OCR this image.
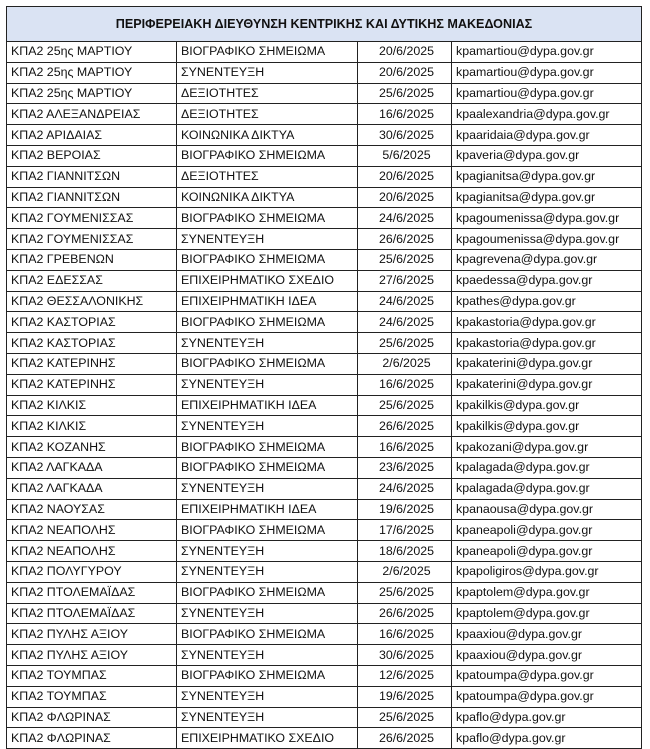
ΠΕΡΙΦΕΡΕΙΑΚΗ ΔΙΕΥΘΥΝΣΗ ΚΕΝΤΡΙΚΗΣ ΚΑΙ ΔΥΤΙΚΗΣ ΜΑΚΕΔΟΝΙΑΣ			
ΚΠΑ2 25ης ΜΑΡΤΙΟΥ	ΒΙΟΓΡΑΦΙΚΟ ΣΗΜΕΙΩΜΑ	20/6/2025	kpamartiou@dypa.gov.gr
ΚΠΑ2 25ης ΜΑΡΤΙΟΥ	ΣΥΝΕΝΤΕΥΞΗ	20/6/2025	kpamartiou@dypa.gov.gr
ΚΠΑ2 25ης ΜΑΡΤΙΟΥ	ΔΕΞΙΟΤΗΤΕΣ	25/6/2025	kpamartiou@dypa.gov.gr
ΚΠΑ2 ΑΛΕΞΑΝΔΡΕΙΑΣ	ΔΕΞΙΟΤΗΤΕΣ	16/6/2025	kpaalexandria@dypa.gov.gr
ΚΠΑ2 ΑΡΙΔΑΙΑΣ	ΚΟΙΝΩΝΙΚΑ ΔΙΚΤΥΑ	30/6/2025	kpaaridaia@dypa.gov.gr
ΚΠΑ2 ΒΕΡΟΙΑΣ	ΒΙΟΓΡΑΦΙΚΟ ΣΗΜΕΙΩΜΑ	5/6/2025	kpaveria@dypa.gov.gr
ΚΠΑ2 ΓΙΑΝΝΙΤΣΩΝ	ΔΕΞΙΟΤΗΤΕΣ	20/6/2025	kpagianitsa@dypa.gov.gr
ΚΠΑ2 ΓΙΑΝΝΙΤΣΩΝ	ΚΟΙΝΩΝΙΚΑ ΔΙΚΤΥΑ	20/6/2025	kpagianitsa@dypa.gov.gr
ΚΠΑ2 ΓΟΥΜΕΝΙΣΣΑΣ	ΒΙΟΓΡΑΦΙΚΟ ΣΗΜΕΙΩΜΑ	24/6/2025	kpagoumenissa@dypa.gov.gr
ΚΠΑ2 ΓΟΥΜΕΝΙΣΣΑΣ	ΣΥΝΕΝΤΕΥΞΗ	26/6/2025	kpagoumenissa@dypa.gov.gr
ΚΠΑ2 ΓΡΕΒΕΝΩΝ	ΒΙΟΓΡΑΦΙΚΟ ΣΗΜΕΙΩΜΑ	25/6/2025	kpagrevena@dypa.gov.gr
ΚΠΑ2 ΕΔΕΣΣΑΣ	ΕΠΙΧΕΙΡΗΜΑΤΙΚΟ ΣΧΕΔΙΟ	27/6/2025	kpaedessa@dypa.gov.gr
ΚΠΑ2 ΘΕΣΣΑΛΟΝΙΚΗΣ	ΕΠΙΧΕΙΡΗΜΑΤΙΚΗ ΙΔΕΑ	24/6/2025	kpathes@dypa.gov.gr
ΚΠΑ2 ΚΑΣΤΟΡΙΑΣ	ΒΙΟΓΡΑΦΙΚΟ ΣΗΜΕΙΩΜΑ	24/6/2025	kpakastoria@dypa.gov.gr
ΚΠΑ2 ΚΑΣΤΟΡΙΑΣ	ΣΥΝΕΝΤΕΥΞΗ	25/6/2025	kpakastoria@dypa.gov.gr
ΚΠΑ2 ΚΑΤΕΡΙΝΗΣ	ΒΙΟΓΡΑΦΙΚΟ ΣΗΜΕΙΩΜΑ	2/6/2025	kpakaterini@dypa.gov.gr
ΚΠΑ2 ΚΑΤΕΡΙΝΗΣ	ΣΥΝΕΝΤΕΥΞΗ	16/6/2025	kpakaterini@dypa.gov.gr
ΚΠΑ2 ΚΙΛΚΙΣ	ΕΠΙΧΕΙΡΗΜΑΤΙΚΗ ΙΔΕΑ	25/6/2025	kpakilkis@dypa.gov.gr
ΚΠΑ2 ΚΙΛΚΙΣ	ΣΥΝΕΝΤΕΥΞΗ	26/6/2025	kpakilkis@dypa.gov.gr
ΚΠΑ2 ΚΟΖΑΝΗΣ	ΒΙΟΓΡΑΦΙΚΟ ΣΗΜΕΙΩΜΑ	16/6/2025	kpakozani@dypa.gov.gr
ΚΠΑ2 ΛΑΓΚΑΔΑ	ΒΙΟΓΡΑΦΙΚΟ ΣΗΜΕΙΩΜΑ	23/6/2025	kpalagada@dypa.gov.gr
ΚΠΑ2 ΛΑΓΚΑΔΑ	ΣΥΝΕΝΤΕΥΞΗ	24/6/2025	kpalagada@dypa.gov.gr
ΚΠΑ2 ΝΑΟΥΣΑΣ	ΕΠΙΧΕΙΡΗΜΑΤΙΚΗ ΙΔΕΑ	19/6/2025	kpanaousa@dypa.gov.gr
ΚΠΑ2 ΝΕΑΠΟΛΗΣ	ΒΙΟΓΡΑΦΙΚΟ ΣΗΜΕΙΩΜΑ	17/6/2025	kpaneapoli@dypa.gov.gr
ΚΠΑ2 ΝΕΑΠΟΛΗΣ	ΣΥΝΕΝΤΕΥΞΗ	18/6/2025	kpaneapoli@dypa.gov.gr
ΚΠΑ2 ΠΟΛΥΓΥΡΟΥ	ΣΥΝΕΝΤΕΥΞΗ	2/6/2025	kpapoligiros@dypa.gov.gr
ΚΠΑ2 ΠΤΟΛΕΜΑΪΔΑΣ	ΒΙΟΓΡΑΦΙΚΟ ΣΗΜΕΙΩΜΑ	25/6/2025	kpaptolem@dypa.gov.gr
ΚΠΑ2 ΠΤΟΛΕΜΑΪΔΑΣ	ΣΥΝΕΝΤΕΥΞΗ	26/6/2025	kpaptolem@dypa.gov.gr
ΚΠΑ2 ΠΥΛΗΣ ΑΞΙΟΥ	ΒΙΟΓΡΑΦΙΚΟ ΣΗΜΕΙΩΜΑ	16/6/2025	kpaaxiou@dypa.gov.gr
ΚΠΑ2 ΠΥΛΗΣ ΑΞΙΟΥ	ΣΥΝΕΝΤΕΥΞΗ	30/6/2025	kpaaxiou@dypa.gov.gr
ΚΠΑ2 ΤΟΥΜΠΑΣ	ΒΙΟΓΡΑΦΙΚΟ ΣΗΜΕΙΩΜΑ	12/6/2025	kpatoumpa@dypa.gov.gr
ΚΠΑ2 ΤΟΥΜΠΑΣ	ΣΥΝΕΝΤΕΥΞΗ	19/6/2025	kpatoumpa@dypa.gov.gr
ΚΠΑ2 ΦΛΩΡΙΝΑΣ	ΣΥΝΕΝΤΕΥΞΗ	25/6/2025	kpaflo@dypa.gov.gr
ΚΠΑ2 ΦΛΩΡΙΝΑΣ	ΕΠΙΧΕΙΡΗΜΑΤΙΚΟ ΣΧΕΔΙΟ	26/6/2025	kpaflo@dypa.gov.gr
